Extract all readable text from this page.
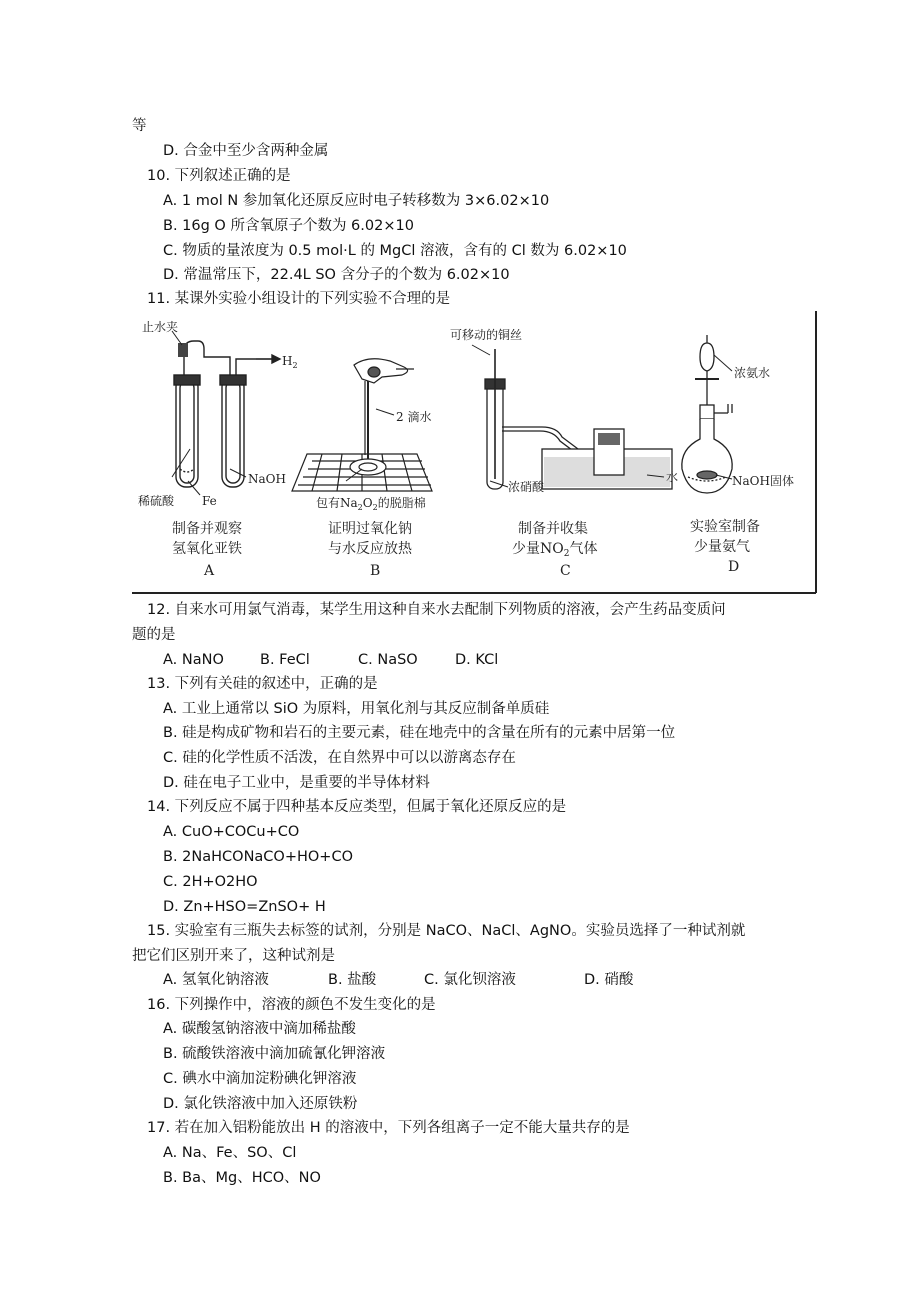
等
D. 合金中至少含两种金属
10. 下列叙述正确的是
A. 1 mol N 参加氧化还原反应时电子转移数为 3×6.02×10
B. 16g O 所含氧原子个数为 6.02×10
C. 物质的量浓度为 0.5 mol·L 的 MgCl 溶液，含有的 Cl 数为 6.02×10
D. 常温常压下，22.4L SO 含分子的个数为 6.02×10
11. 某课外实验小组设计的下列实验不合理的是
止水夹
$H_2$
稀硫酸 Fe
NaOH
2 滴水
包有$Na_2O_2$的脱脂棉
可移动的铜丝
浓硝酸
水
浓氨水
NaOH固体
制备并观察
氢氧化亚铁
A
证明过氧化钠
与水反应放热
B
制备并收集
少量$NO_2$气体
C
实验室制备
少量氨气
D
12. 自来水可用氯气消毒，某学生用这种自来水去配制下列物质的溶液，会产生药品变质问
题的是
A. NaNO B. FeCl	C. NaSO	D. KCl
13. 下列有关硅的叙述中，正确的是
A. 工业上通常以 SiO 为原料，用氧化剂与其反应制备单质硅
B. 硅是构成矿物和岩石的主要元素，硅在地壳中的含量在所有的元素中居第一位
C. 硅的化学性质不活泼，在自然界中可以以游离态存在
D. 硅在电子工业中，是重要的半导体材料
14. 下列反应不属于四种基本反应类型，但属于氧化还原反应的是
A. CuO+COCu+CO
B. 2NaHCONaCO+HO+CO
C. 2H+O2HO
D. Zn+HSO=ZnSO+ H
15. 实验室有三瓶失去标签的试剂，分别是 NaCO、NaCl、AgNO。实验员选择了一种试剂就
把它们区别开来了，这种试剂是
A. 氢氧化钠溶液	B. 盐酸	C. 氯化钡溶液	D. 硝酸
16. 下列操作中，溶液的颜色不发生变化的是
A. 碳酸氢钠溶液中滴加稀盐酸
B. 硫酸铁溶液中滴加硫氰化钾溶液
C. 碘水中滴加淀粉碘化钾溶液
D. 氯化铁溶液中加入还原铁粉
17. 若在加入铝粉能放出 H 的溶液中，下列各组离子一定不能大量共存的是
A. Na、Fe、SO、Cl
B. Ba、Mg、HCO、NO
